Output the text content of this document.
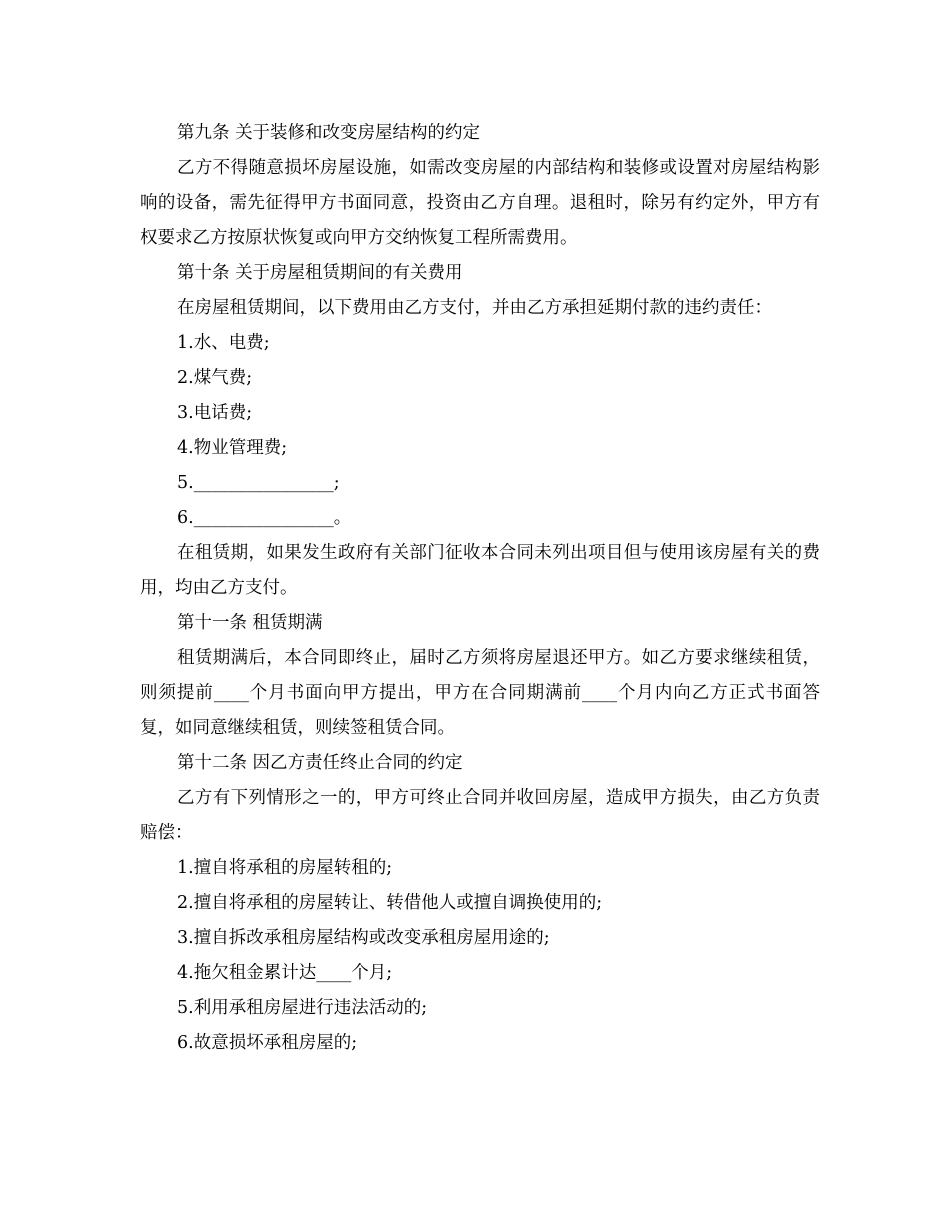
第九条 关于装修和改变房屋结构的约定

乙方不得随意损坏房屋设施，如需改变房屋的内部结构和装修或设置对房屋结构影响的设备，需先征得甲方书面同意，投资由乙方自理。退租时，除另有约定外，甲方有权要求乙方按原状恢复或向甲方交纳恢复工程所需费用。

第十条 关于房屋租赁期间的有关费用

在房屋租赁期间，以下费用由乙方支付，并由乙方承担延期付款的违约责任：

1.水、电费;

2.煤气费;

3.电话费;

4.物业管理费;

5.________________;

6.________________。

在租赁期，如果发生政府有关部门征收本合同未列出项目但与使用该房屋有关的费用，均由乙方支付。

第十一条 租赁期满

租赁期满后，本合同即终止，届时乙方须将房屋退还甲方。如乙方要求继续租赁，则须提前____个月书面向甲方提出，甲方在合同期满前____个月内向乙方正式书面答复，如同意继续租赁，则续签租赁合同。

第十二条 因乙方责任终止合同的约定

乙方有下列情形之一的，甲方可终止合同并收回房屋，造成甲方损失，由乙方负责赔偿：

1.擅自将承租的房屋转租的;

2.擅自将承租的房屋转让、转借他人或擅自调换使用的;

3.擅自拆改承租房屋结构或改变承租房屋用途的;

4.拖欠租金累计达____个月;

5.利用承租房屋进行违法活动的;

6.故意损坏承租房屋的;
